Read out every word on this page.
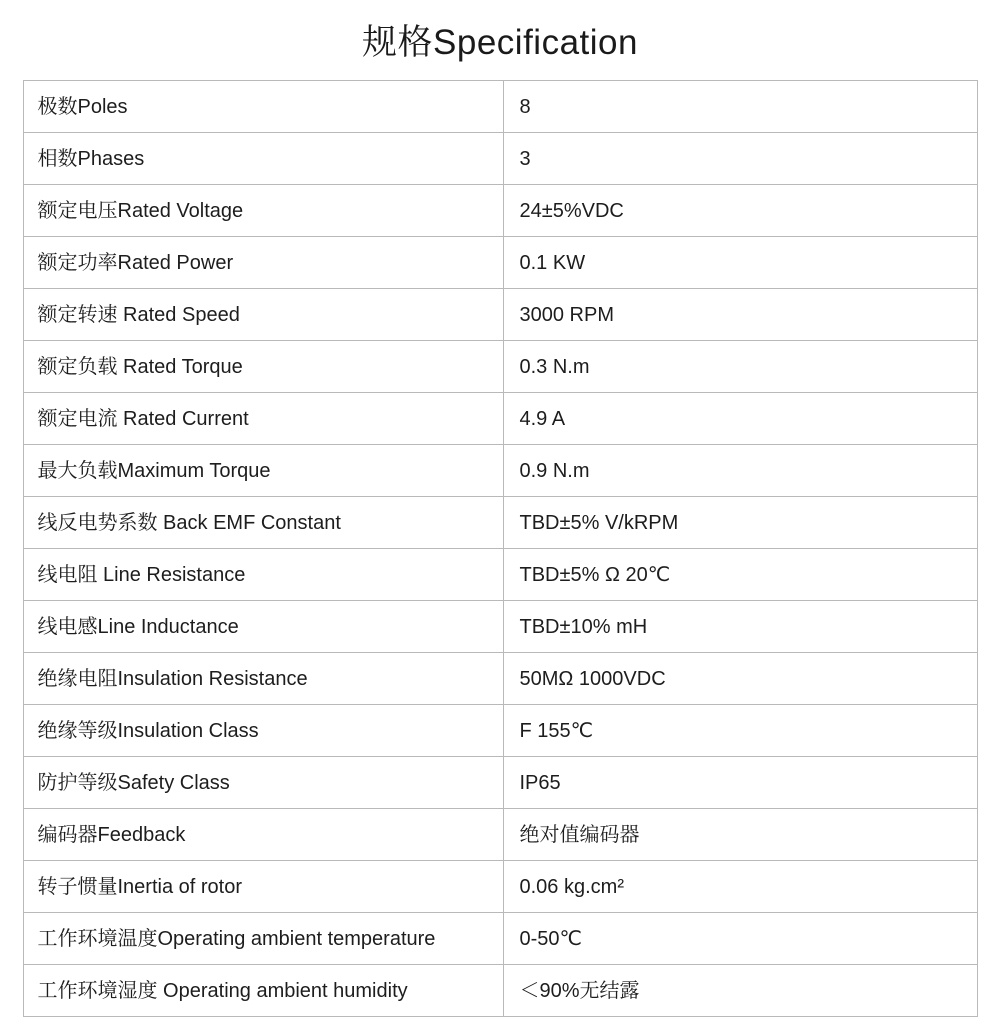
规格Specification
极数Poles	8
相数Phases	3
额定电压Rated Voltage	24±5%VDC
额定功率Rated Power	0.1 KW
额定转速 Rated Speed	3000 RPM
额定负载 Rated Torque	0.3 N.m
额定电流 Rated Current	4.9 A
最大负载Maximum Torque	0.9 N.m
线反电势系数 Back EMF Constant	TBD±5% V/kRPM
线电阻 Line Resistance	TBD±5% Ω 20℃
线电感Line Inductance	TBD±10% mH
绝缘电阻Insulation Resistance	50MΩ 1000VDC
绝缘等级Insulation Class	F 155℃
防护等级Safety Class	IP65
编码器Feedback	绝对值编码器
转子惯量Inertia of rotor	0.06 kg.cm²
工作环境温度Operating ambient temperature	0-50℃
工作环境湿度 Operating ambient humidity	＜90%无结露
